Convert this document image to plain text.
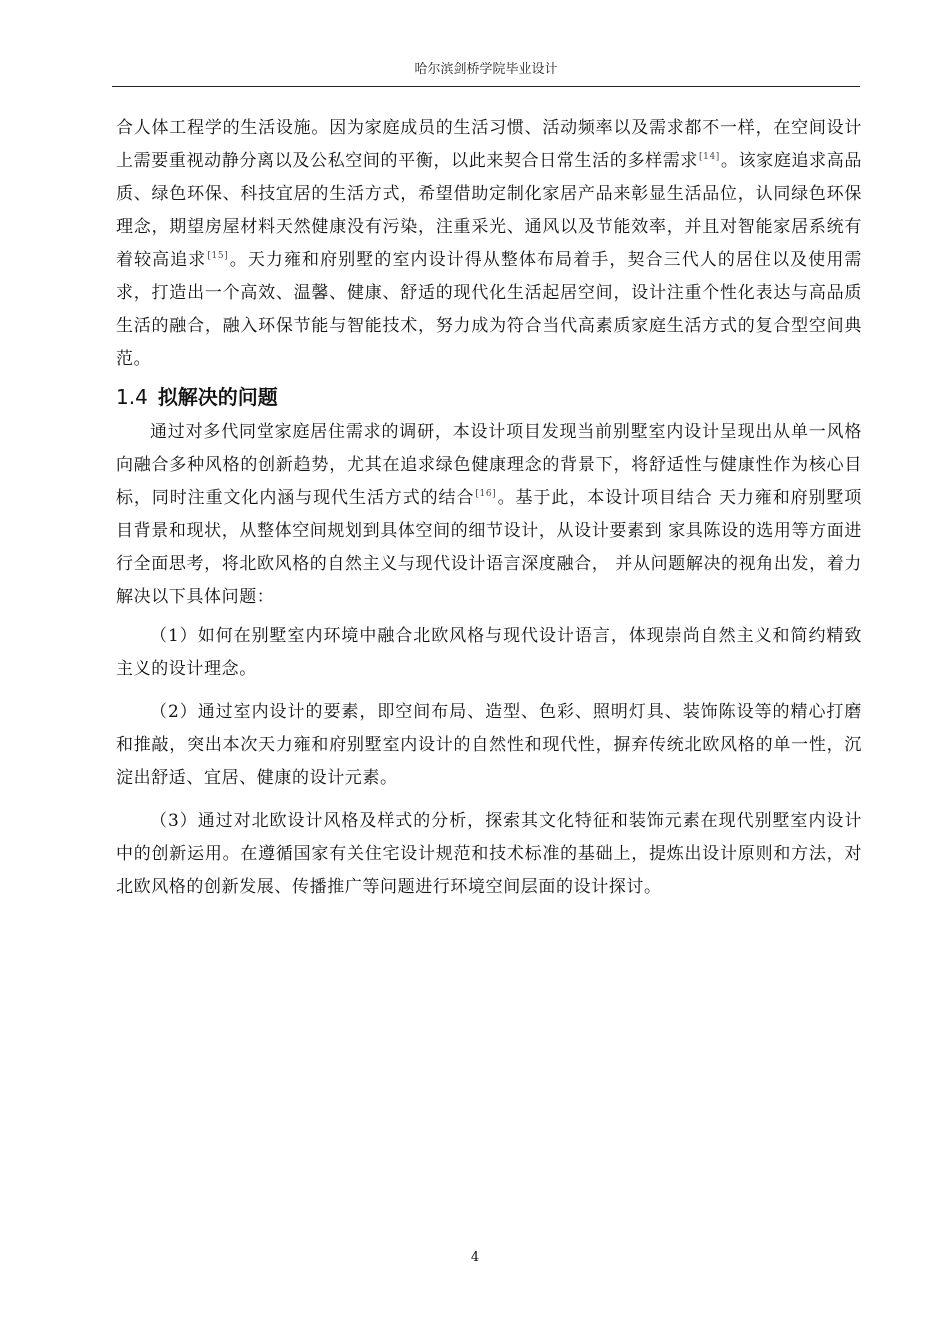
哈尔滨剑桥学院毕业设计

合人体工程学的生活设施。因为家庭成员的生活习惯、活动频率以及需求都不一样，在空间设计上需要重视动静分离以及公私空间的平衡，以此来契合日常生活的多样需求[14]。该家庭追求高品质、绿色环保、科技宜居的生活方式，希望借助定制化家居产品来彰显生活品位，认同绿色环保理念，期望房屋材料天然健康没有污染，注重采光、通风以及节能效率，并且对智能家居系统有着较高追求[15]。天力雍和府别墅的室内设计得从整体布局着手，契合三代人的居住以及使用需求，打造出一个高效、温馨、健康、舒适的现代化生活起居空间，设计注重个性化表达与高品质生活的融合，融入环保节能与智能技术，努力成为符合当代高素质家庭生活方式的复合型空间典范。

1.4 拟解决的问题

通过对多代同堂家庭居住需求的调研，本设计项目发现当前别墅室内设计呈现出从单一风格向融合多种风格的创新趋势，尤其在追求绿色健康理念的背景下，将舒适性与健康性作为核心目标，同时注重文化内涵与现代生活方式的结合[16]。基于此，本设计项目结合 天力雍和府别墅项目背景和现状，从整体空间规划到具体空间的细节设计，从设计要素到 家具陈设的选用等方面进行全面思考，将北欧风格的自然主义与现代设计语言深度融合， 并从问题解决的视角出发，着力解决以下具体问题：

（1）如何在别墅室内环境中融合北欧风格与现代设计语言，体现崇尚自然主义和简约精致主义的设计理念。

（2）通过室内设计的要素，即空间布局、造型、色彩、照明灯具、装饰陈设等的精心打磨和推敲，突出本次天力雍和府别墅室内设计的自然性和现代性，摒弃传统北欧风格的单一性，沉淀出舒适、宜居、健康的设计元素。

（3）通过对北欧设计风格及样式的分析，探索其文化特征和装饰元素在现代别墅室内设计中的创新运用。在遵循国家有关住宅设计规范和技术标准的基础上，提炼出设计原则和方法，对北欧风格的创新发展、传播推广等问题进行环境空间层面的设计探讨。

4
